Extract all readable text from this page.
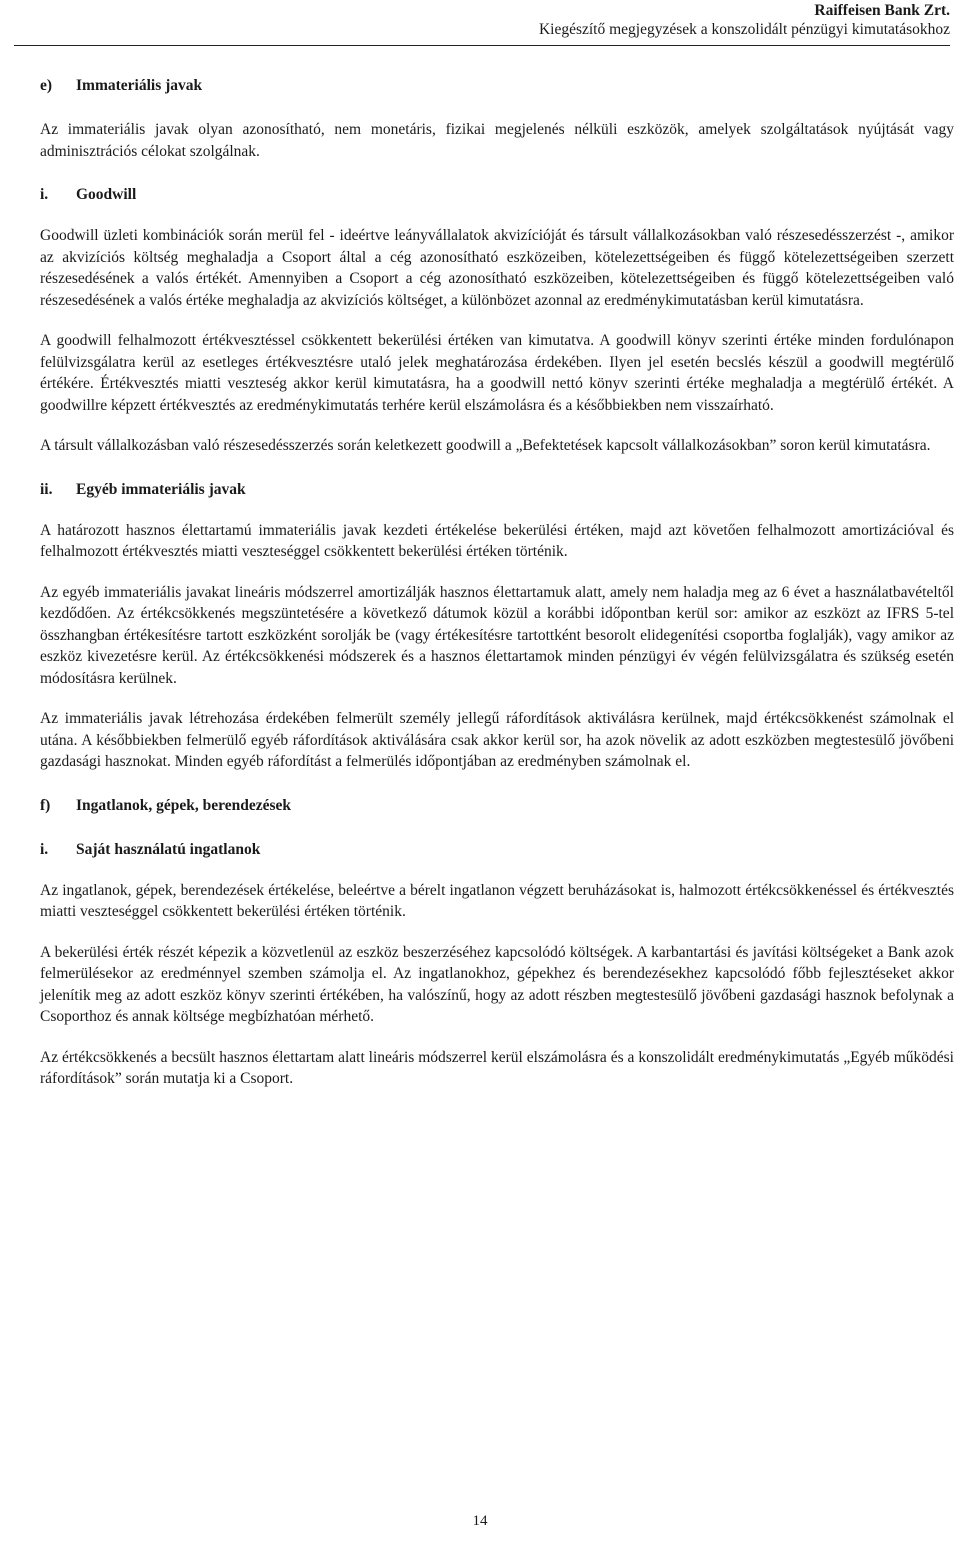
Raiffeisen Bank Zrt.
Kiegészítő megjegyzések a konszolidált pénzügyi kimutatásokhoz
e)	Immateriális javak

Az immateriális javak olyan azonosítható, nem monetáris, fizikai megjelenés nélküli eszközök, amelyek szolgáltatások nyújtását vagy adminisztrációs célokat szolgálnak.

i.	Goodwill

Goodwill üzleti kombinációk során merül fel - ideértve leányvállalatok akvizícióját és társult vállalkozásokban való részesedésszerzést -, amikor az akvizíciós költség meghaladja a Csoport által a cég azonosítható eszközeiben, kötelezettségeiben és függő kötelezettségeiben szerzett részesedésének a valós értékét. Amennyiben a Csoport a cég azonosítható eszközeiben, kötelezettségeiben és függő kötelezettségeiben való részesedésének a valós értéke meghaladja az akvizíciós költséget, a különbözet azonnal az eredménykimutatásban kerül kimutatásra.

A goodwill felhalmozott értékvesztéssel csökkentett bekerülési értéken van kimutatva. A goodwill könyv szerinti értéke minden fordulónapon felülvizsgálatra kerül az esetleges értékvesztésre utaló jelek meghatározása érdekében. Ilyen jel esetén becslés készül a goodwill megtérülő értékére. Értékvesztés miatti veszteség akkor kerül kimutatásra, ha a goodwill nettó könyv szerinti értéke meghaladja a megtérülő értékét. A goodwillre képzett értékvesztés az eredménykimutatás terhére kerül elszámolásra és a későbbiekben nem visszaírható.

A társult vállalkozásban való részesedésszerzés során keletkezett goodwill a „Befektetések kapcsolt vállalkozásokban” soron kerül kimutatásra.

ii.	Egyéb immateriális javak

A határozott hasznos élettartamú immateriális javak kezdeti értékelése bekerülési értéken, majd azt követően felhalmozott amortizációval és felhalmozott értékvesztés miatti veszteséggel csökkentett bekerülési értéken történik.

Az egyéb immateriális javakat lineáris módszerrel amortizálják hasznos élettartamuk alatt, amely nem haladja meg az 6 évet a használatbavételtől kezdődően. Az értékcsökkenés megszüntetésére a következő dátumok közül a korábbi időpontban kerül sor: amikor az eszközt az IFRS 5-tel összhangban értékesítésre tartott eszközként sorolják be (vagy értékesítésre tartottként besorolt elidegenítési csoportba foglalják), vagy amikor az eszköz kivezetésre kerül. Az értékcsökkenési módszerek és a hasznos élettartamok minden pénzügyi év végén felülvizsgálatra és szükség esetén módosításra kerülnek.

Az immateriális javak létrehozása érdekében felmerült személy jellegű ráfordítások aktiválásra kerülnek, majd értékcsökkenést számolnak el utána. A későbbiekben felmerülő egyéb ráfordítások aktiválására csak akkor kerül sor, ha azok növelik az adott eszközben megtestesülő jövőbeni gazdasági hasznokat. Minden egyéb ráfordítást a felmerülés időpontjában az eredményben számolnak el.

f)	Ingatlanok, gépek, berendezések
i.	Saját használatú ingatlanok

Az ingatlanok, gépek, berendezések értékelése, beleértve a bérelt ingatlanon végzett beruházásokat is, halmozott értékcsökkenéssel és értékvesztés miatti veszteséggel csökkentett bekerülési értéken történik.

A bekerülési érték részét képezik a közvetlenül az eszköz beszerzéséhez kapcsolódó költségek. A karbantartási és javítási költségeket a Bank azok felmerülésekor az eredménnyel szemben számolja el. Az ingatlanokhoz, gépekhez és berendezésekhez kapcsolódó főbb fejlesztéseket akkor jelenítik meg az adott eszköz könyv szerinti értékében, ha valószínű, hogy az adott részben megtestesülő jövőbeni gazdasági hasznok befolynak a Csoporthoz és annak költsége megbízhatóan mérhető.

Az értékcsökkenés a becsült hasznos élettartam alatt lineáris módszerrel kerül elszámolásra és a konszolidált eredménykimutatás „Egyéb működési ráfordítások” során mutatja ki a Csoport.

14
